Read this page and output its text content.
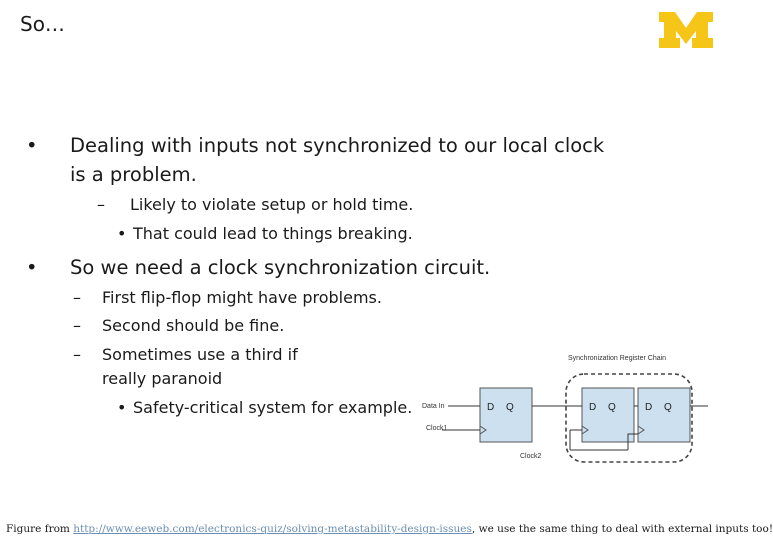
So…
• Dealing with inputs not synchronized to our local clock
is a problem.
– Likely to violate setup or hold time.
• That could lead to things breaking.
• So we need a clock synchronization circuit.
– First flip-flop might have problems.
– Second should be fine.
– Sometimes use a third if
really paranoid
• Safety-critical system for example.
Synchronization Register Chain
D Q	D Q	D Q
Data In
Clock1
Clock2
Figure from http://www.eeweb.com/electronics-quiz/solving-metastability-design-issues, we use the same thing to deal with external inputs too!
